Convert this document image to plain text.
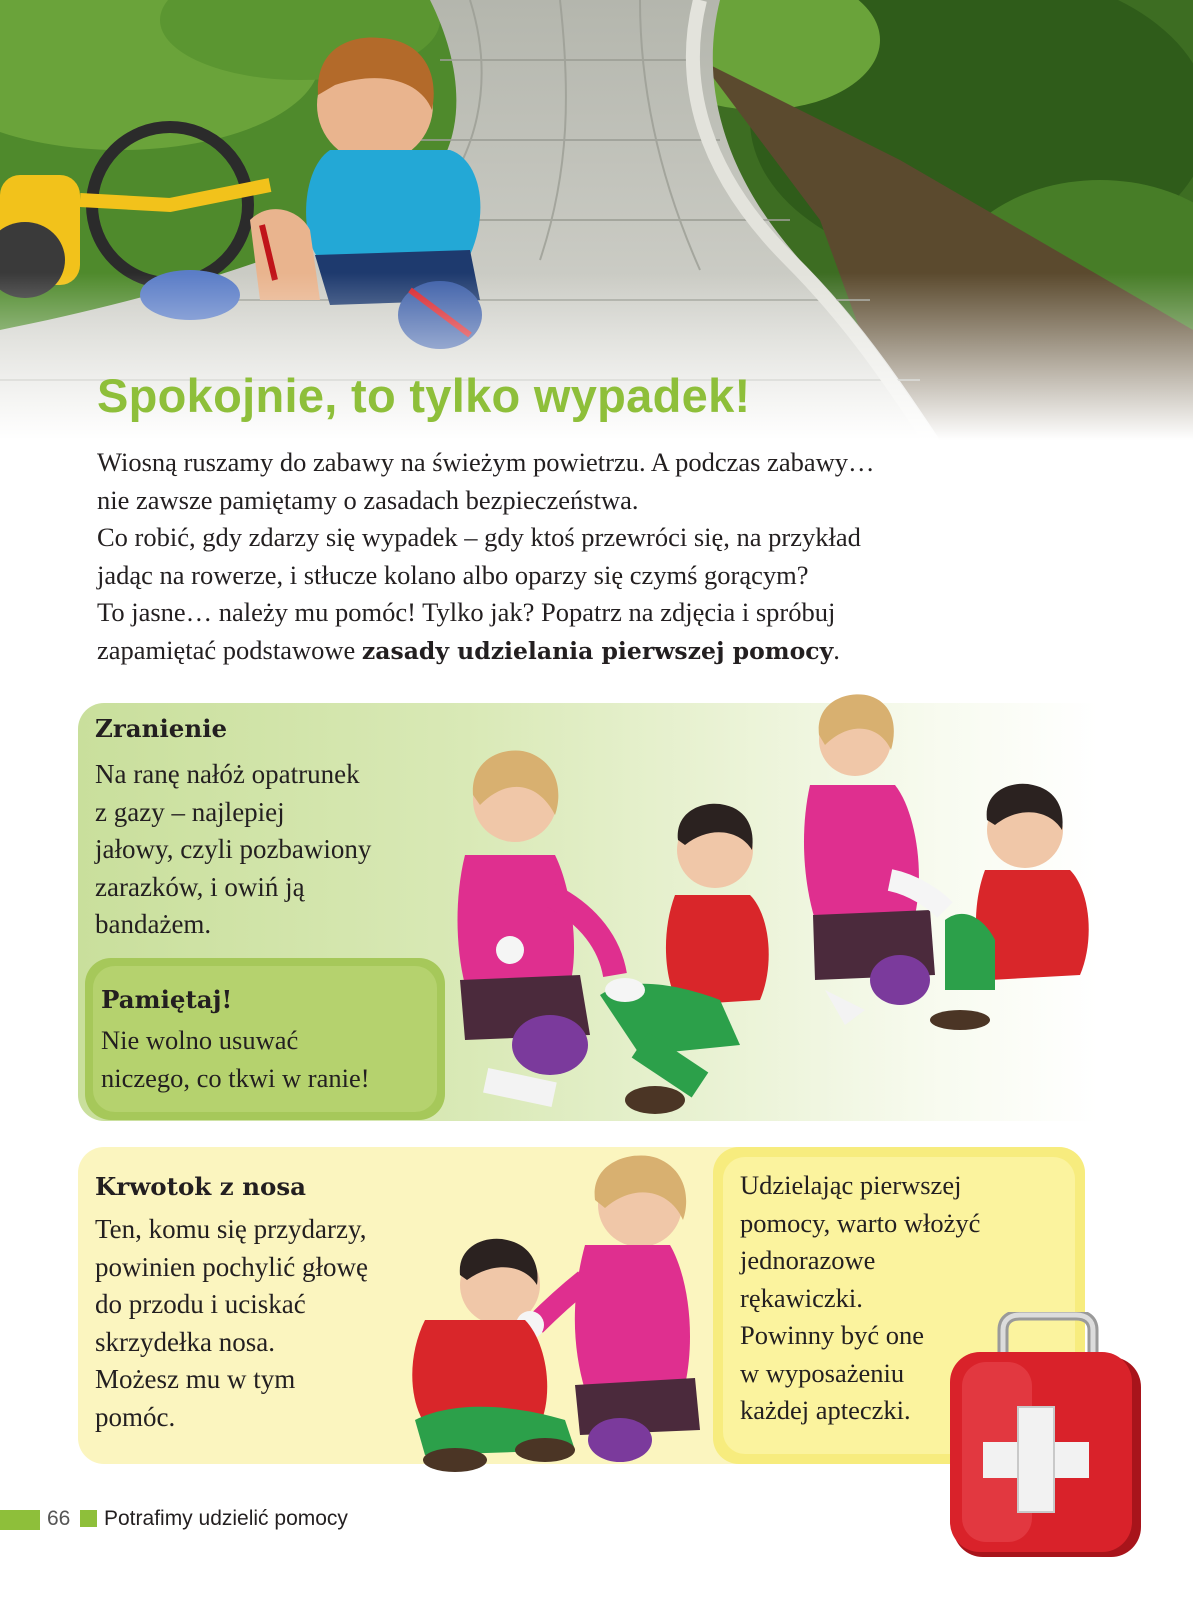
Spokojnie, to tylko wypadek!

Wiosną ruszamy do zabawy na świeżym powietrzu. A podczas zabawy…

nie zawsze pamiętamy o zasadach bezpieczeństwa.

Co robić, gdy zdarzy się wypadek – gdy ktoś przewróci się, na przykład

jadąc na rowerze, i stłucze kolano albo oparzy się czymś gorącym?

To jasne… należy mu pomóc! Tylko jak? Popatrz na zdjęcia i spróbuj

zapamiętać podstawowe zasady udzielania pierwszej pomocy.

Zranienie
Na ranę nałóż opatrunek
z gazy – najlepiej
jałowy, czyli pozbawiony
zarazków, i owiń ją
bandażem.
Pamiętaj!
Nie wolno usuwać
niczego, co tkwi w ranie!
Krwotok z nosa
Ten, komu się przydarzy,
powinien pochylić głowę
do przodu i uciskać
skrzydełka nosa.
Możesz mu w tym
pomóc.
Udzielając pierwszej
pomocy, warto włożyć
jednorazowe
rękawiczki.
Powinny być one
w wyposażeniu
każdej apteczki.
66 Potrafimy udzielić pomocy
